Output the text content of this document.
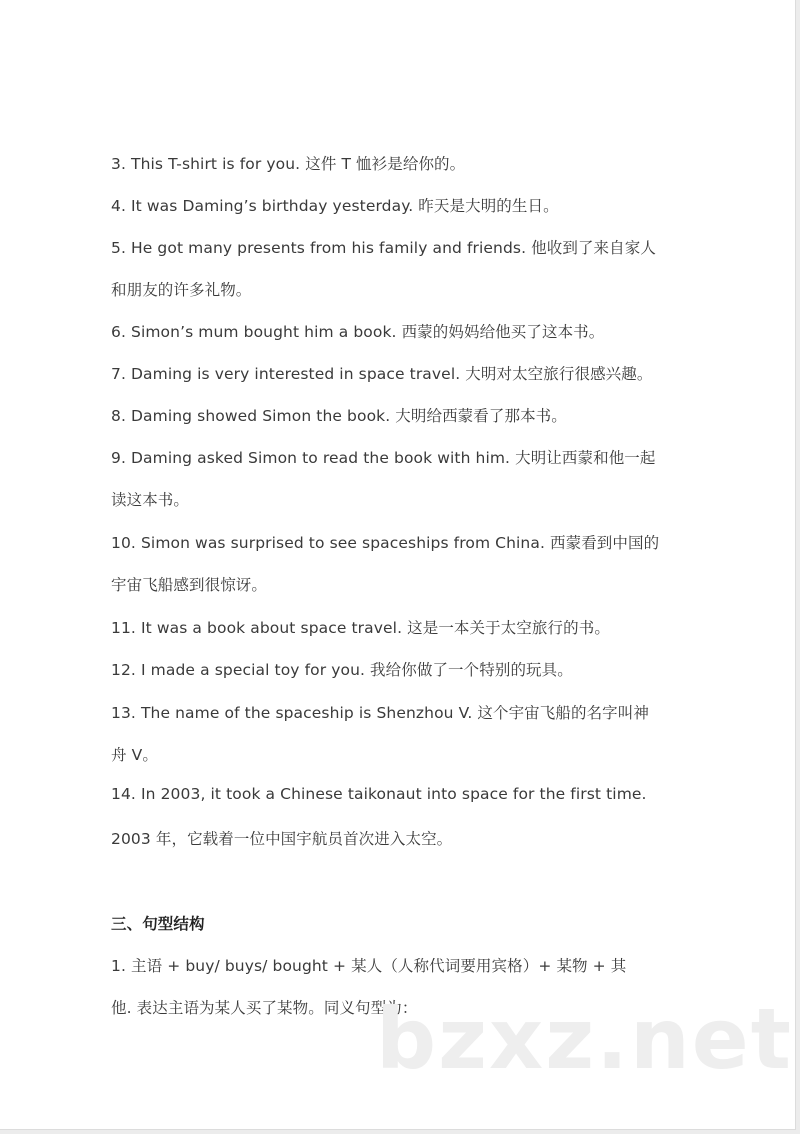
3. This T-shirt is for you. 这件 T 恤衫是给你的。
4. It was Daming’s birthday yesterday. 昨天是大明的生日。
5. He got many presents from his family and friends. 他收到了来自家人
和朋友的许多礼物。
6. Simon’s mum bought him a book. 西蒙的妈妈给他买了这本书。
7. Daming is very interested in space travel. 大明对太空旅行很感兴趣。
8. Daming showed Simon the book. 大明给西蒙看了那本书。
9. Daming asked Simon to read the book with him. 大明让西蒙和他一起
读这本书。
10. Simon was surprised to see spaceships from China. 西蒙看到中国的
宇宙飞船感到很惊讶。
11. It was a book about space travel. 这是一本关于太空旅行的书。
12. I made a special toy for you. 我给你做了一个特别的玩具。
13. The name of the spaceship is Shenzhou V. 这个宇宙飞船的名字叫神
舟 V。
14. In 2003, it took a Chinese taikonaut into space for the first time.
2003 年，它载着一位中国宇航员首次进入太空。
三、句型结构
1. 主语 + buy/ buys/ bought + 某人（人称代词要用宾格）+ 某物 + 其
他. 表达主语为某人买了某物。同义句型为：
bzxz.net
